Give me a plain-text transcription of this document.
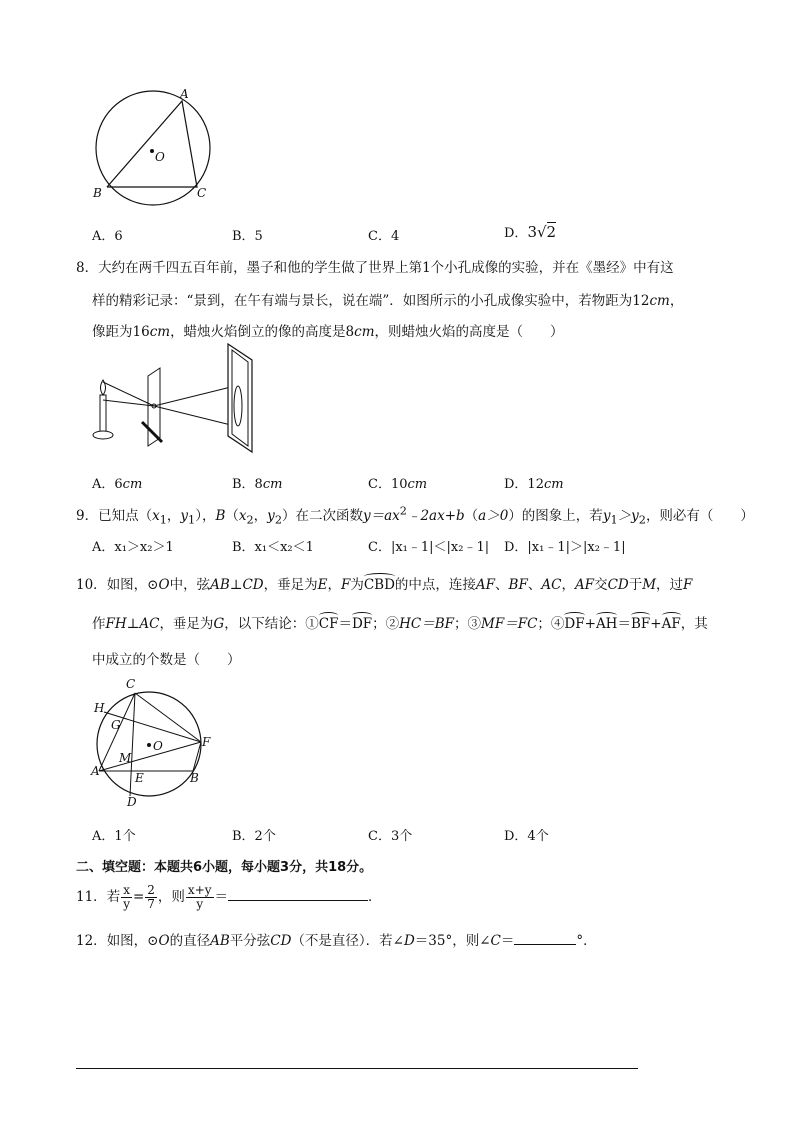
A
O
B	C
A．6	B．5	C．4	D．3√2
8．大约在两千四五百年前，墨子和他的学生做了世界上第1个小孔成像的实验，并在《墨经》中有这
样的精彩记录：“景到，在午有端与景长，说在端”．如图所示的小孔成像实验中，若物距为12cm，
像距为16cm，蜡烛火焰倒立的像的高度是8cm，则蜡烛火焰的高度是（　　）
A．6cm	B．8cm	C．10cm	D．12cm
9．已知点（$x_1$，$y_1$），$B(x_2$，$y_2$）在二次函数$y=ax^2﹣2ax+b(a>0)$的图象上，若$y_1>y_2$，则必有（　　）
A．x₁＞x₂＞1	B．x₁＜x₂＜1	C．|x₁﹣1|＜|x₂﹣1| D．|x₁﹣1|＞|x₂﹣1|
10．如图，⊙O中，弦AB⊥CD，垂足为E，F为CBD的中点，连接AF、BF、AC，AF交CD于M，过F
作FH⊥AC，垂足为G，以下结论：①CF＝DF；②HC＝BF；③MF＝FC；④DF+AH＝BF+AF，其
中成立的个数是（　　）
C
H
G
O	F
M
A	E	B
D
A．1个	B．2个	C．3个	D．4个
二、填空题：本题共6小题，每小题3分，共18分。
11．若 $\frac{x}{y} = \frac{2}{7}$ ，则 $\frac{x+y}{y}$ ＝	．
12．如图，⊙O的直径AB平分弦CD（不是直径）．若∠D＝35°，则∠C＝	°．
